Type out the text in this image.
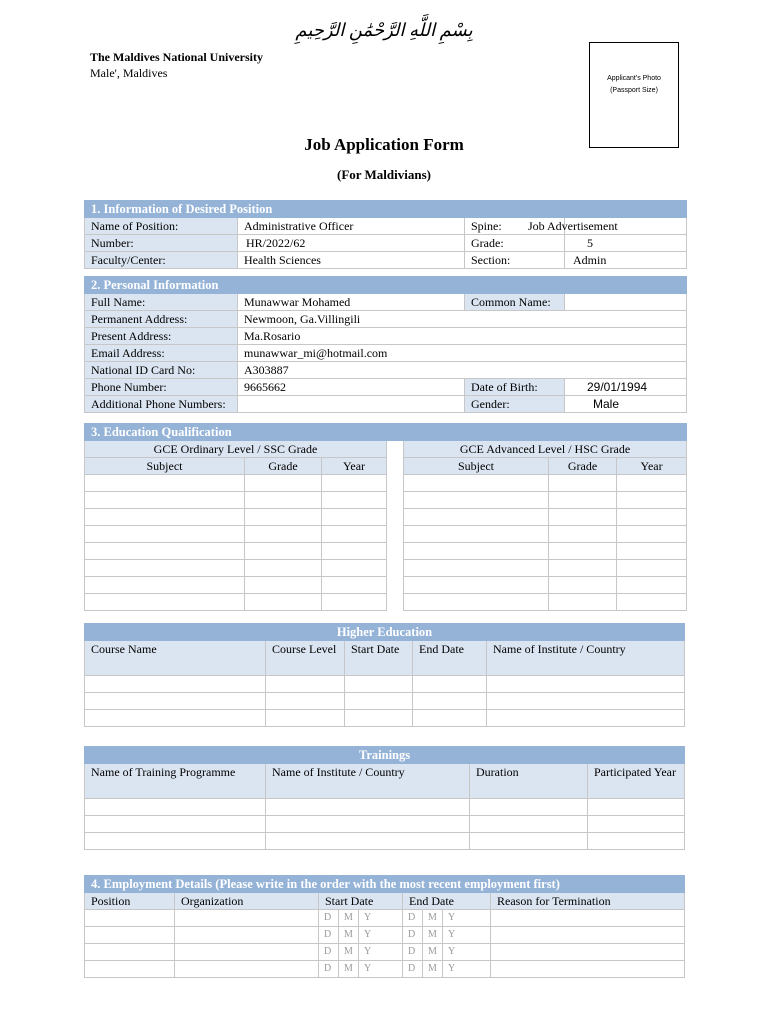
بِسْمِ اللَّهِ الرَّحْمَٰنِ الرَّحِيمِ
The Maldives National University
Male', Maldives	Applicant's Photo
(Passport Size)
Job Application Form
(For Maldivians)
1. Information of Desired Position			
Name of Position:	Administrative Officer	Spine:	Job Advertisement
Number:	HR/2022/62	Grade:	5
Faculty/Center:	Health Sciences	Section:	Admin
2. Personal Information			
Full Name:	Munawwar Mohamed	Common Name:	
Permanent Address:	Newmoon, Ga.Villingili		
Present Address:	Ma.Rosario		
Email Address:	munawwar_mi@hotmail.com		
National ID Card No:	A303887		
Phone Number:	9665662	Date of Birth:	29/01/1994
Additional Phone Numbers:		Gender:	Male
3. Education Qualification						
GCE Ordinary Level / SSC Grade				GCE Advanced Level / HSC Grade		
Subject	Grade	Year		Subject	Grade	Year

Higher Education				
Course Name	Course Level	Start Date	End Date	Name of Institute / Country

Trainings			
Name of Training Programme	Name of Institute / Country	Duration	Participated Year

4. Employment Details (Please write in the order with the most recent employment first)								
Position	Organization	Start Date			End Date			Reason for Termination
		D	M	Y	D	M	Y	
		D	M	Y	D	M	Y	
		D	M	Y	D	M	Y	
		D	M	Y	D	M	Y	
